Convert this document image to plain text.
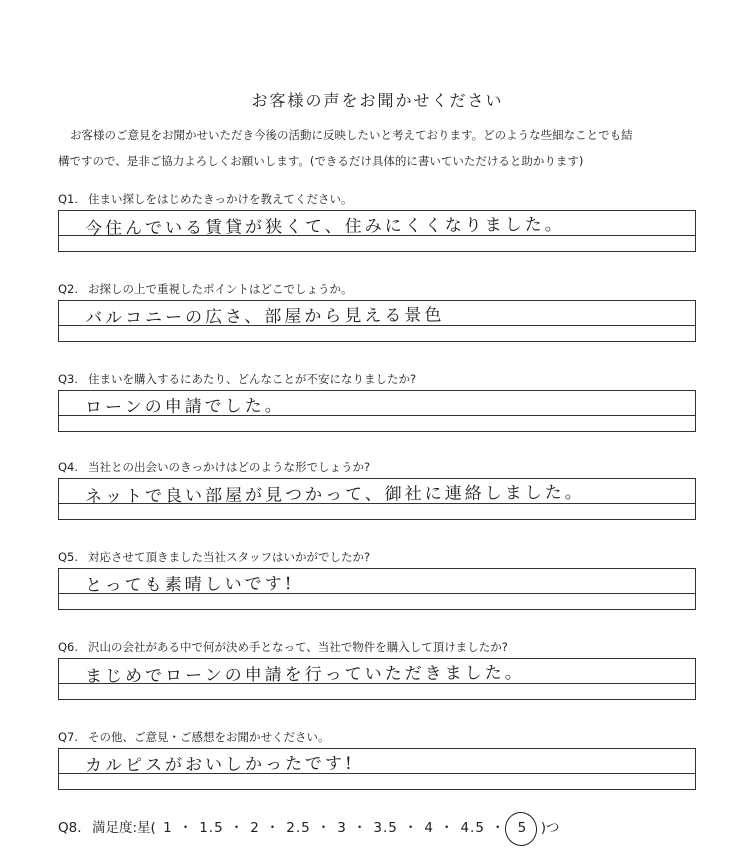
お客様の声をお聞かせください
お客様のご意見をお聞かせいただき今後の活動に反映したいと考えております。どのような些細なことでも結
構ですので、是非ご協力よろしくお願いします。(できるだけ具体的に書いていただけると助かります)
Q1. 住まい探しをはじめたきっかけを教えてください。
今住んでいる賃貸が狭くて、住みにくくなりました。
Q2. お探しの上で重視したポイントはどこでしょうか。
バルコニーの広さ、部屋から見える景色
Q3. 住まいを購入するにあたり、どんなことが不安になりましたか?
ローンの申請でした。
Q4. 当社との出会いのきっかけはどのような形でしょうか?
ネットで良い部屋が見つかって、御社に連絡しました。
Q5. 対応させて頂きました当社スタッフはいかがでしたか?
とっても素晴しいです!
Q6. 沢山の会社がある中で何が決め手となって、当社で物件を購入して頂けましたか?
まじめでローンの申請を行っていただきました。
Q7. その他、ご意見・ご感想をお聞かせください。
カルピスがおいしかったです!
Q8. 満足度:星( 1 ・ 1.5 ・ 2 ・ 2.5 ・ 3 ・ 3.5 ・ 4 ・ 4.5 ・ 5 )つ
